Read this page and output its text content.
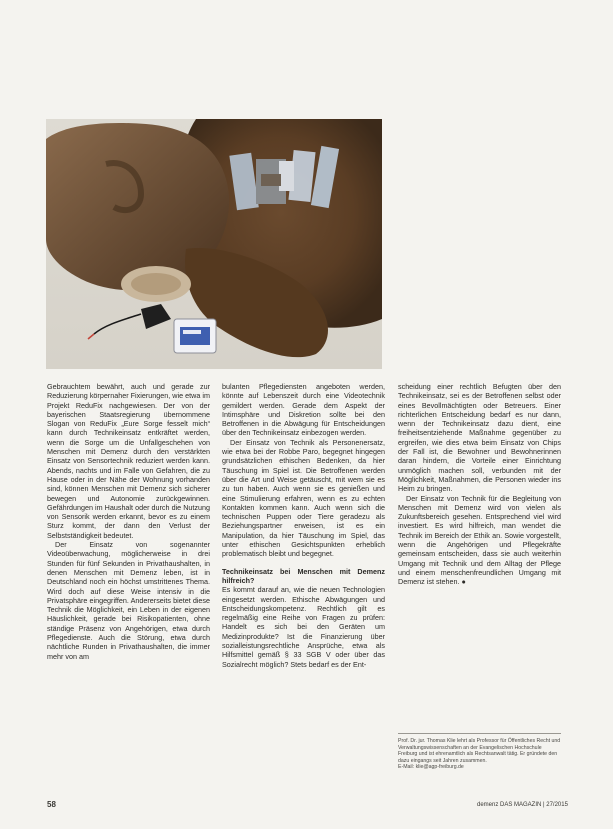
Gebrauchtem bewährt, auch und gerade zur Reduzierung körpernaher Fixierungen, wie etwa im Projekt ReduFix nachgewiesen. Der von der bayerischen Staatsregierung übernommene Slogan von ReduFix „Eure Sorge fesselt mich“ kann durch Technikeinsatz entkräftet werden, wenn die Sorge um die Unfallgeschehen von Menschen mit Demenz durch den verstärkten Einsatz von Sensortechnik reduziert werden kann. Abends, nachts und im Falle von Gefahren, die zu Hause oder in der Nähe der Wohnung vorhanden sind, können Menschen mit Demenz sich sicherer bewegen und Autonomie zurückgewinnen. Gefährdungen im Haushalt oder durch die Nutzung von Sensorik werden erkannt, bevor es zu einem Sturz kommt, der dann den Verlust der Selbstständigkeit bedeutet.

Der Einsatz von sogenannter Videoüberwachung, möglicherweise in drei Stunden für fünf Sekunden in Privathaushalten, in denen Menschen mit Demenz leben, ist in Deutschland noch ein höchst umstrittenes Thema. Wird doch auf diese Weise intensiv in die Privatsphäre eingegriffen. Andererseits bietet diese Technik die Möglichkeit, ein Leben in der eigenen Häuslichkeit, gerade bei Risikopatienten, ohne ständige Präsenz von Angehörigen, etwa durch Pflegedienste. Auch die Störung, etwa durch nächtliche Runden in Privathaushalten, die immer mehr von am

bulanten Pflegediensten angeboten werden, könnte auf Lebenszeit durch eine Videotechnik gemildert werden. Gerade dem Aspekt der Intimsphäre und Diskretion sollte bei den Betroffenen in die Abwägung für Entscheidungen über den Technikeinsatz einbezogen werden.

Der Einsatz von Technik als Personenersatz, wie etwa bei der Robbe Paro, begegnet hingegen grundsätzlichen ethischen Bedenken, da hier Täuschung im Spiel ist. Die Betroffenen werden über die Art und Weise getäuscht, mit wem sie es zu tun haben. Auch wenn sie es genießen und eine Stimulierung erfahren, wenn es zu echten Kontakten kommen kann. Auch wenn sich die technischen Puppen oder Tiere geradezu als Beziehungspartner erweisen, ist es ein Manipulation, da hier Täuschung im Spiel, das unter ethischen Gesichtspunkten erheblich problematisch bleibt und begegnet.

Technikeinsatz bei Menschen mit Demenz hilfreich?

Es kommt darauf an, wie die neuen Technologien eingesetzt werden. Ethische Abwägungen und Entscheidungskompetenz. Rechtlich gilt es regelmäßig eine Reihe von Fragen zu prüfen: Handelt es sich bei den Geräten um Medizinprodukte? Ist die Finanzierung über sozialleistungsrechtliche Ansprüche, etwa als Hilfsmittel gemäß § 33 SGB V oder über das Sozialrecht möglich? Stets bedarf es der Ent-

scheidung einer rechtlich Befugten über den Technikeinsatz, sei es der Betroffenen selbst oder eines Bevollmächtigten oder Betreuers. Einer richterlichen Entscheidung bedarf es nur dann, wenn der Technikeinsatz dazu dient, eine freiheitsentziehende Maßnahme gegenüber zu ergreifen, wie dies etwa beim Einsatz von Chips der Fall ist, die Bewohner und Bewohnerinnen daran hindern, die Vorteile einer Einrichtung unmöglich machen soll, verbunden mit der Möglichkeit, Maßnahmen, die Personen wieder ins Heim zu bringen.

Der Einsatz von Technik für die Begleitung von Menschen mit Demenz wird von vielen als Zukunftsbereich gesehen. Entsprechend viel wird investiert. Es wird hilfreich, man wendet die Technik im Bereich der Ethik an. Sowie vorgestellt, wenn die Angehörigen und Pflegekräfte gemeinsam entscheiden, dass sie auch weiterhin Umgang mit Technik und dem Alltag der Pflege und einem menschenfreundlichen Umgang mit Demenz ist stehen. ●

Prof. Dr. jur. Thomas Klie lehrt als Professor für Öffentliches Recht und Verwaltungswissenschaften an der Evangelischen Hochschule Freiburg und ist ehrenamtlich als Rechtsanwalt tätig. Er gründete den dazu eingangs seit Jahren zusammen.
E-Mail: klie@agp-freiburg.de
58	demenz DAS MAGAZIN | 27/2015
